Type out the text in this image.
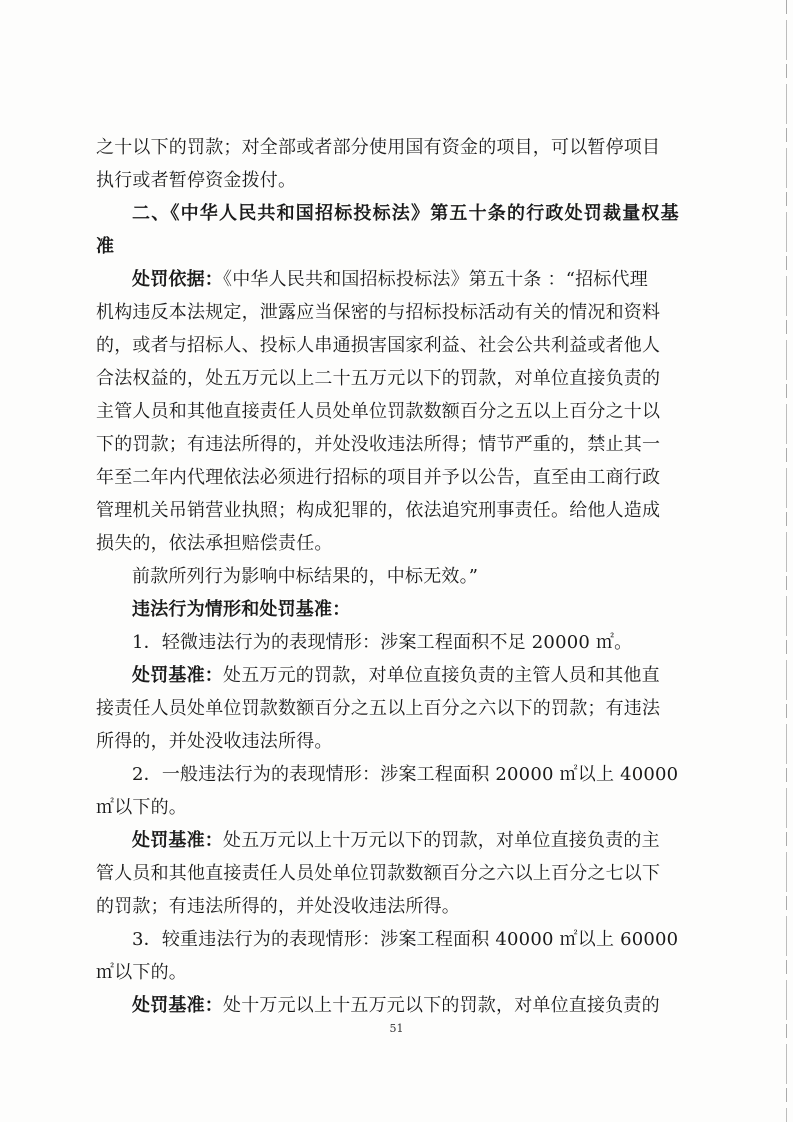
之十以下的罚款；对全部或者部分使用国有资金的项目，可以暂停项目
执行或者暂停资金拨付。
二、《中华人民共和国招标投标法》第五十条的行政处罚裁量权基
准
处罚依据：《中华人民共和国招标投标法》第五十条 ：“招标代理
机构违反本法规定，泄露应当保密的与招标投标活动有关的情况和资料
的，或者与招标人、投标人串通损害国家利益、社会公共利益或者他人
合法权益的，处五万元以上二十五万元以下的罚款，对单位直接负责的
主管人员和其他直接责任人员处单位罚款数额百分之五以上百分之十以
下的罚款；有违法所得的，并处没收违法所得；情节严重的，禁止其一
年至二年内代理依法必须进行招标的项目并予以公告，直至由工商行政
管理机关吊销营业执照；构成犯罪的，依法追究刑事责任。给他人造成
损失的，依法承担赔偿责任。
前款所列行为影响中标结果的，中标无效。”
违法行为情形和处罚基准：
1．轻微违法行为的表现情形：涉案工程面积不足 20000 ㎡。
处罚基准：处五万元的罚款，对单位直接负责的主管人员和其他直
接责任人员处单位罚款数额百分之五以上百分之六以下的罚款；有违法
所得的，并处没收违法所得。
2．一般违法行为的表现情形：涉案工程面积 20000 ㎡以上 40000
㎡以下的。
处罚基准：处五万元以上十万元以下的罚款，对单位直接负责的主
管人员和其他直接责任人员处单位罚款数额百分之六以上百分之七以下
的罚款；有违法所得的，并处没收违法所得。
3．较重违法行为的表现情形：涉案工程面积 40000 ㎡以上 60000
㎡以下的。
处罚基准：处十万元以上十五万元以下的罚款，对单位直接负责的
51
